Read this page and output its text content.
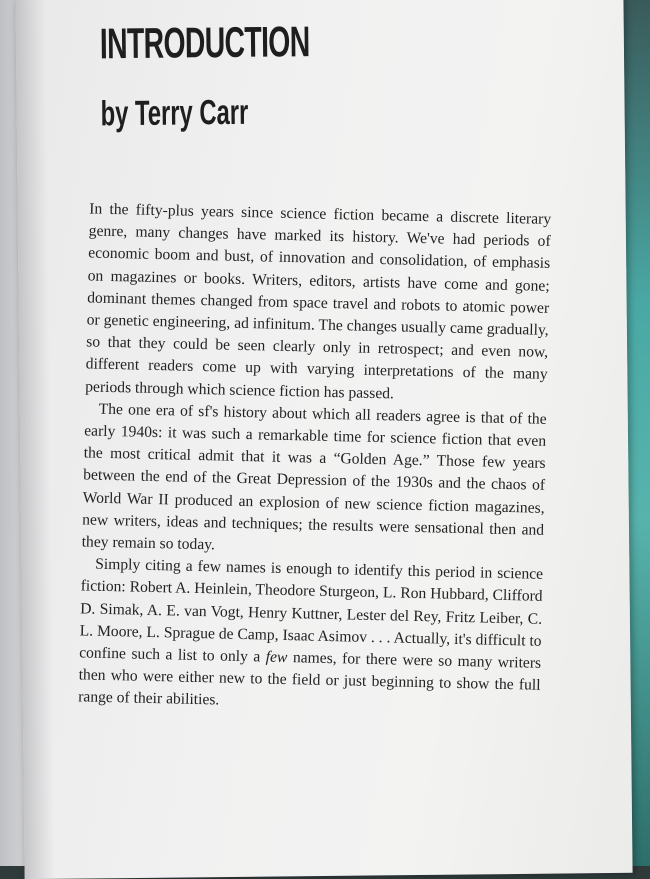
INTRODUCTION
by Terry Carr

In the fifty-plus years since science fiction became a discrete literary genre, many changes have marked its history. We've had periods of economic boom and bust, of innovation and consolidation, of emphasis on magazines or books. Writers, editors, artists have come and gone; dominant themes changed from space travel and robots to atomic power or genetic engineering, ad infinitum. The changes usually came gradually, so that they could be seen clearly only in retrospect; and even now, different readers come up with varying interpretations of the many periods through which science fiction has passed.

The one era of sf's history about which all readers agree is that of the early 1940s: it was such a remarkable time for science fiction that even the most critical admit that it was a “Golden Age.” Those few years between the end of the Great Depression of the 1930s and the chaos of World War II produced an explosion of new science fiction magazines, new writers, ideas and techniques; the results were sensational then and they remain so today.

Simply citing a few names is enough to identify this period in science fiction: Robert A. Heinlein, Theodore Sturgeon, L. Ron Hubbard, Clifford D. Simak, A. E. van Vogt, Henry Kuttner, Lester del Rey, Fritz Leiber, C. L. Moore, L. Sprague de Camp, Isaac Asimov . . . Actually, it's difficult to confine such a list to only a few names, for there were so many writers then who were either new to the field or just beginning to show the full range of their abilities.
